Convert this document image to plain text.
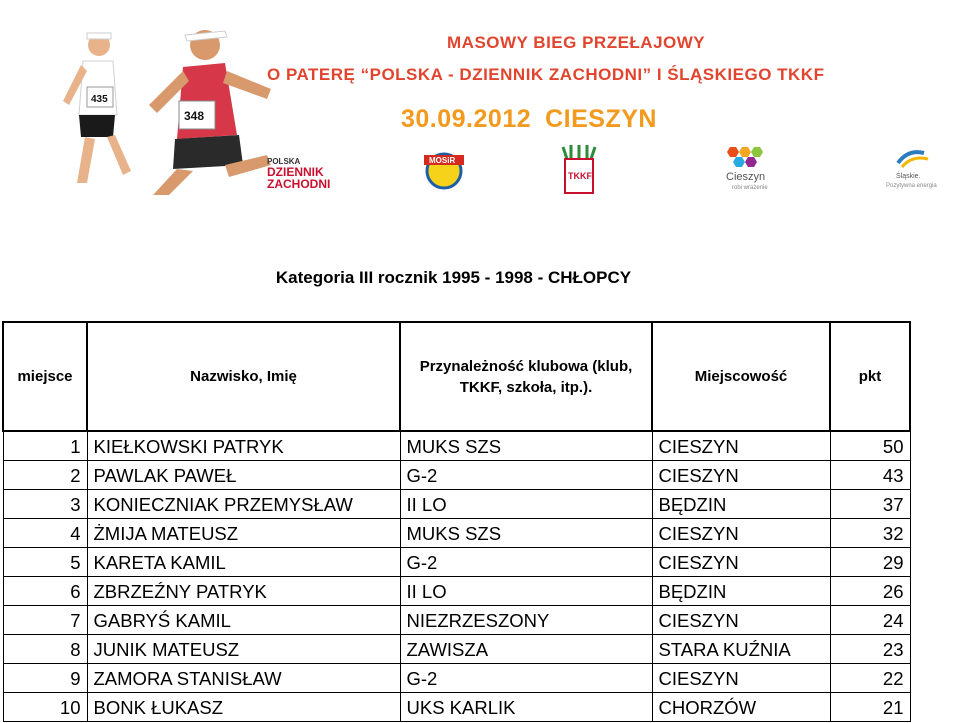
435
348
MASOWY BIEG PRZEŁAJOWY
O PATERĘ “POLSKA - DZIENNIK ZACHODNI” I ŚLĄSKIEGO TKKF
30.09.2012 CIESZYN
POLSKA
DZIENNIK
ZACHODNI
MOSiR
TKKF	Cieszyn
robi wrażenie
Śląskie.
Pozytywna energia
Kategoria III rocznik 1995 - 1998 - CHŁOPCY
miejsce	Nazwisko, Imię	Przynależność klubowa (klub,
TKKF, szkoła, itp.).	Miejscowość	pkt
1	KIEŁKOWSKI PATRYK	MUKS SZS	CIESZYN	50
2	PAWLAK PAWEŁ	G-2	CIESZYN	43
3	KONIECZNIAK PRZEMYSŁAW	II LO	BĘDZIN	37
4	ŻMIJA MATEUSZ	MUKS SZS	CIESZYN	32
5	KARETA KAMIL	G-2	CIESZYN	29
6	ZBRZEŹNY PATRYK	II LO	BĘDZIN	26
7	GABRYŚ KAMIL	NIEZRZESZONY	CIESZYN	24
8	JUNIK MATEUSZ	ZAWISZA	STARA KUŹNIA	23
9	ZAMORA STANISŁAW	G-2	CIESZYN	22
10	BONK ŁUKASZ	UKS KARLIK	CHORZÓW	21
